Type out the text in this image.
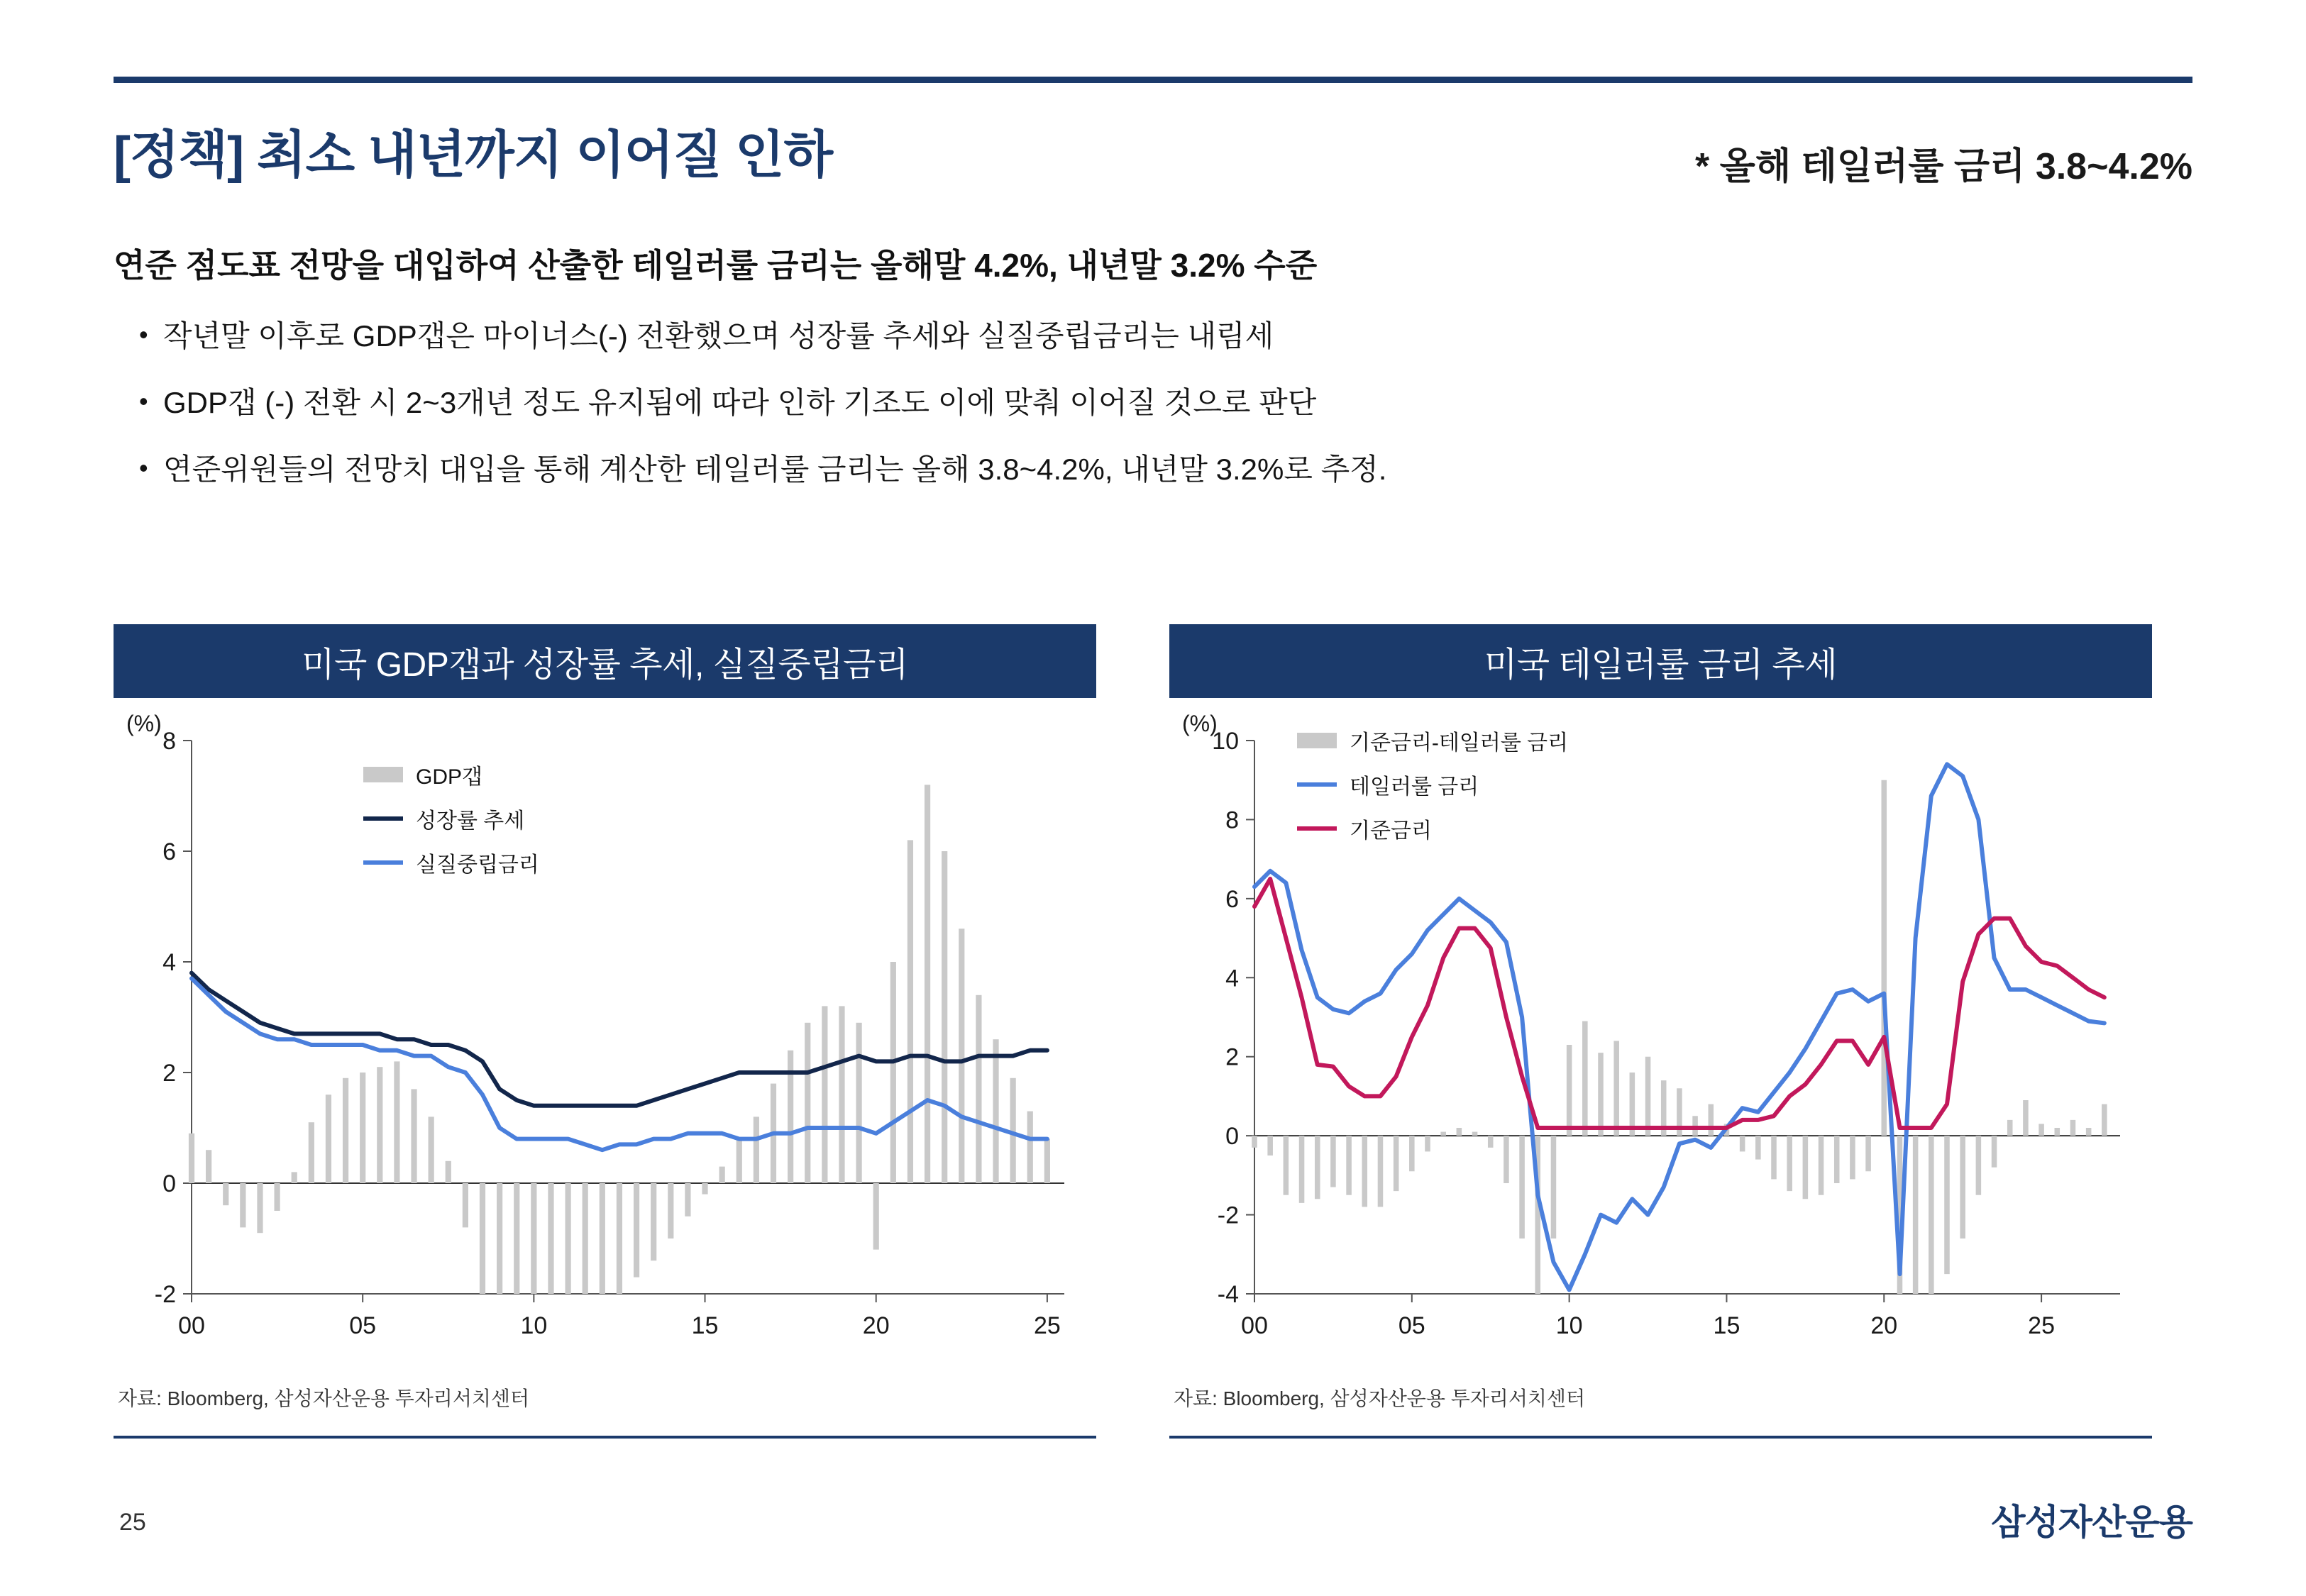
[정책] 최소 내년까지 이어질 인하	* 올해 테일러룰 금리 3.8~4.2%
연준 점도표 전망을 대입하여 산출한 테일러룰 금리는 올해말 4.2%, 내년말 3.2% 수준
• 작년말 이후로 GDP갭은 마이너스(-) 전환했으며 성장률 추세와 실질중립금리는 내림세
• GDP갭 (-) 전환 시 2~3개년 정도 유지됨에 따라 인하 기조도 이에 맞춰 이어질 것으로 판단
• 연준위원들의 전망치 대입을 통해 계산한 테일러룰 금리는 올해 3.8~4.2%, 내년말 3.2%로 추정.
미국 GDP갭과 성장률 추세, 실질중립금리
(%)
-2
0
2
4
6
8
00	05	10	15	20	25
GDP갭
성장률 추세
실질중립금리
자료: Bloomberg, 삼성자산운용 투자리서치센터
미국 테일러룰 금리 추세
(%)
-4
-2
0
2
4
6
8
10
00	05	10	15	20	25
기준금리-테일러룰 금리
테일러룰 금리
기준금리
자료: Bloomberg, 삼성자산운용 투자리서치센터
25	삼성자산운용
